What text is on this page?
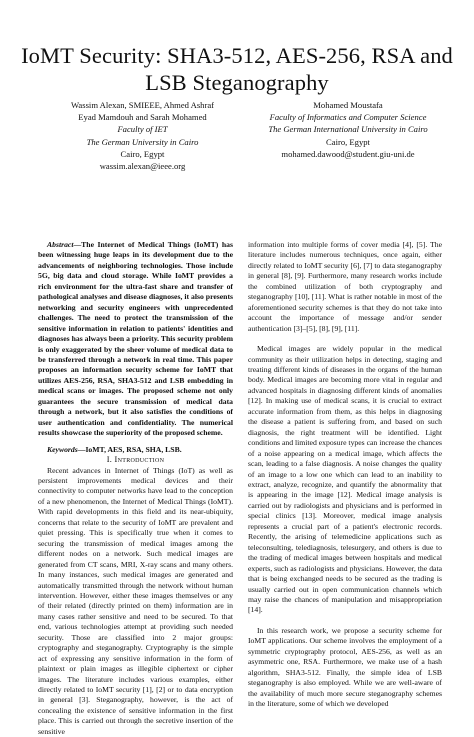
IoMT Security: SHA3-512, AES-256, RSA and LSB Steganography
Wassim Alexan, SMIEEE, Ahmed Ashraf
Eyad Mamdouh and Sarah Mohamed
Faculty of IET
The German University in Cairo
Cairo, Egypt
wassim.alexan@ieee.org
Mohamed Moustafa
Faculty of Informatics and Computer Science
The German International University in Cairo
Cairo, Egypt
mohamed.dawood@student.giu-uni.de

Abstract—The Internet of Medical Things (IoMT) has been witnessing huge leaps in its development due to the advancements of neighboring technologies. Those include 5G, big data and cloud storage. While IoMT provides a rich environment for the ultra-fast share and transfer of pathological analyses and disease diagnoses, it also presents networking and security engineers with unprecedented challenges. The need to protect the transmission of the sensitive information in relation to patients' identities and diagnoses has always been a priority. This security problem is only exaggerated by the sheer volume of medical data to be transferred through a network in real time. This paper proposes an information security scheme for IoMT that utilizes AES-256, RSA, SHA3-512 and LSB embedding in medical scans or images. The proposed scheme not only guarantees the secure transmission of medical data through a network, but it also satisfies the conditions of user authentication and confidentiality. The numerical results showcase the superiority of the proposed scheme.

Keywords—IoMT, AES, RSA, SHA, LSB.

I. Introduction

Recent advances in Internet of Things (IoT) as well as persistent improvements medical devices and their connectivity to computer networks have lead to the conception of a new phenomenon, the Internet of Medical Things (IoMT). With rapid developments in this field and its near-ubiquity, concerns that relate to the security of IoMT are prevalent and quiet pressing. This is specifically true when it comes to securing the transmission of medical images among the different nodes on a network. Such medical images are generated from CT scans, MRI, X-ray scans and many others. In many instances, such medical images are generated and automatically transmitted through the network without human intervention. However, either these images themselves or any of their related (directly printed on them) information are in many cases rather sensitive and need to be secured. To that end, various technologies attempt at providing such needed security. Those are classified into 2 major groups: cryptography and steganography. Cryptography is the simple act of expressing any sensitive information in the form of plaintext or plain images as illegible ciphertext or cipher images. The literature includes various examples, either directly related to IoMT security [1], [2] or to data encryption in general [3]. Steganography, however, is the act of concealing the existence of sensitive information in the first place. This is carried out through the secretive insertion of the sensitive

information into multiple forms of cover media [4], [5]. The literature includes numerous techniques, once again, either directly related to IoMT security [6], [7] to data steganography in general [8], [9]. Furthermore, many research works include the combined utilization of both cryptography and steganography [10], [11]. What is rather notable in most of the aforementioned security schemes is that they do not take into account the importance of message and/or sender authentication [3]–[5], [8], [9], [11].

Medical images are widely popular in the medical community as their utilization helps in detecting, staging and treating different kinds of diseases in the organs of the human body. Medical images are becoming more vital in regular and advanced hospitals in diagnosing different kinds of anomalies [12]. In making use of medical scans, it is crucial to extract accurate information from them, as this helps in diagnosing the disease a patient is suffering from, and based on such diagnosis, the right treatment will be identified. Light conditions and limited exposure types can increase the chances of a noise appearing on a medical image, which affects the scan, leading to a false diagnosis. A noise changes the quality of an image to a low one which can lead to an inability to extract, analyze, recognize, and quantify the abnormality that is appearing in the image [12]. Medical image analysis is carried out by radiologists and physicians and is performed in special clinics [13]. Moreover, medical image analysis represents a crucial part of a patient's electronic records. Recently, the arising of telemedicine applications such as teleconsulting, telediagnosis, telesurgery, and others is due to the trading of medical images between hospitals and medical experts, such as radiologists and physicians. However, the data that is being exchanged needs to be secured as the trading is usually carried out in open communication channels which may raise the chances of manipulation and misappropriation [14].

In this research work, we propose a security scheme for IoMT applications. Our scheme involves the employment of a symmetric cryptography protocol, AES-256, as well as an asymmetric one, RSA. Furthermore, we make use of a hash algorithm, SHA3-512. Finally, the simple idea of LSB steganography is also employed. While we are well-aware of the availability of much more secure steganography schemes in the literature, some of which we developed
